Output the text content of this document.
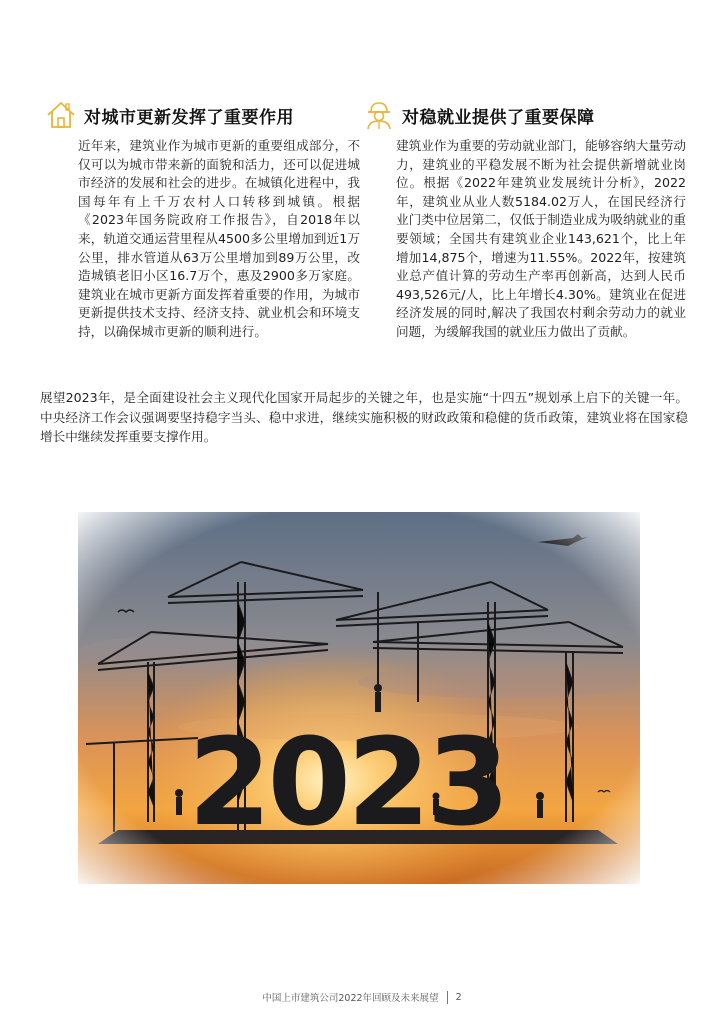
对城市更新发挥了重要作用
近年来，建筑业作为城市更新的重要组成部分，不仅可以为城市带来新的面貌和活力，还可以促进城市经济的发展和社会的进步。在城镇化进程中，我国每年有上千万农村人口转移到城镇。根据《2023年国务院政府工作报告》，自2018年以来，轨道交通运营里程从4500多公里增加到近1万公里，排水管道从63万公里增加到89万公里，改造城镇老旧小区16.7万个，惠及2900多万家庭。建筑业在城市更新方面发挥着重要的作用，为城市更新提供技术支持、经济支持、就业机会和环境支持，以确保城市更新的顺利进行。
对稳就业提供了重要保障
建筑业作为重要的劳动就业部门，能够容纳大量劳动力，建筑业的平稳发展不断为社会提供新增就业岗位。根据《2022年建筑业发展统计分析》，2022年，建筑业从业人数5184.02万人，在国民经济行业门类中位居第二，仅低于制造业成为吸纳就业的重要领域；全国共有建筑业企业143,621个，比上年增加14,875个，增速为11.55%。2022年，按建筑业总产值计算的劳动生产率再创新高，达到人民币493,526元/人，比上年增长4.30%。建筑业在促进经济发展的同时,解决了我国农村剩余劳动力的就业问题，为缓解我国的就业压力做出了贡献。
展望2023年，是全面建设社会主义现代化国家开局起步的关键之年，也是实施“十四五”规划承上启下的关键一年。中央经济工作会议强调要坚持稳字当头、稳中求进，继续实施积极的财政政策和稳健的货币政策，建筑业将在国家稳增长中继续发挥重要支撑作用。
中国上市建筑公司2022年回顾及未来展望 2
